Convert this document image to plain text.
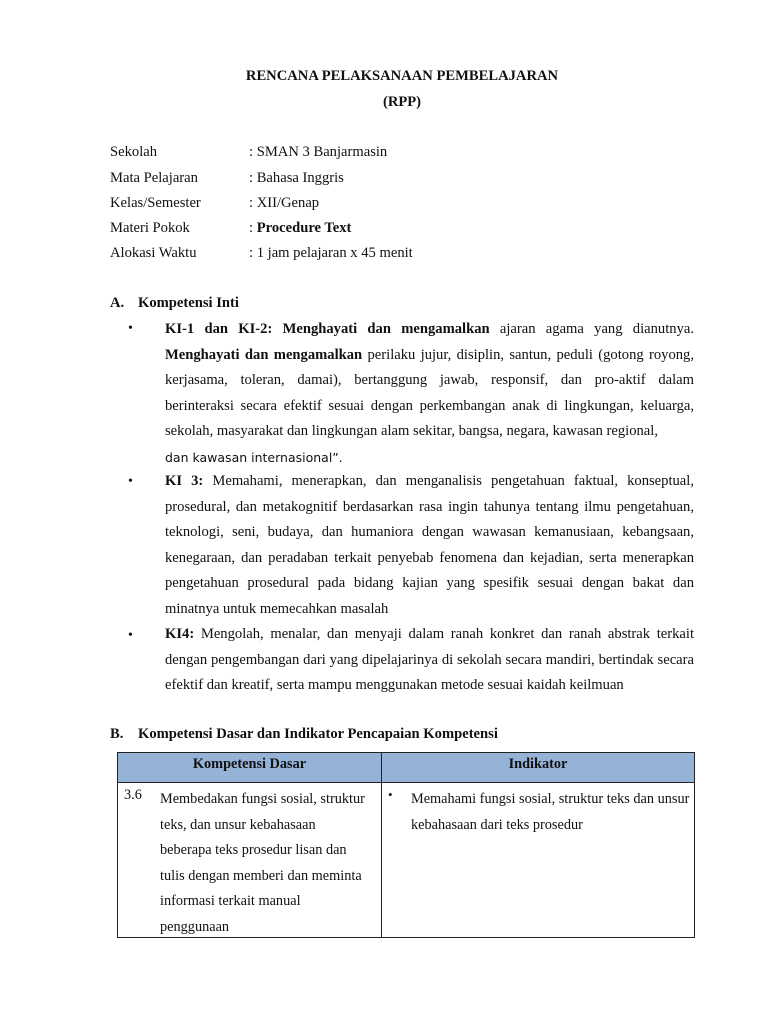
RENCANA PELAKSANAAN PEMBELAJARAN
(RPP)
Sekolah	: SMAN 3 Banjarmasin
Mata Pelajaran	: Bahasa Inggris
Kelas/Semester	: XII/Genap
Materi Pokok	: Procedure Text
Alokasi Waktu	: 1 jam pelajaran x 45 menit
A. Kompetensi Inti
• KI-1 dan KI-2: Menghayati dan mengamalkan ajaran agama yang dianutnya. Menghayati dan mengamalkan perilaku jujur, disiplin, santun, peduli (gotong royong, kerjasama, toleran, damai), bertanggung jawab, responsif, dan pro-aktif dalam berinteraksi secara efektif sesuai dengan perkembangan anak di lingkungan, keluarga, sekolah, masyarakat dan lingkungan alam sekitar, bangsa, negara, kawasan regional,
dan kawasan internasional”.
• KI 3: Memahami, menerapkan, dan menganalisis pengetahuan faktual, konseptual, prosedural, dan metakognitif berdasarkan rasa ingin tahunya tentang ilmu pengetahuan, teknologi, seni, budaya, dan humaniora dengan wawasan kemanusiaan, kebangsaan, kenegaraan, dan peradaban terkait penyebab fenomena dan kejadian, serta menerapkan pengetahuan prosedural pada bidang kajian yang spesifik sesuai dengan bakat dan minatnya untuk memecahkan masalah
• KI4: Mengolah, menalar, dan menyaji dalam ranah konkret dan ranah abstrak terkait dengan pengembangan dari yang dipelajarinya di sekolah secara mandiri, bertindak secara efektif dan kreatif, serta mampu menggunakan metode sesuai kaidah keilmuan
B. Kompetensi Dasar dan Indikator Pencapaian Kompetensi
Kompetensi Dasar	Indikator

3.6 Membedakan fungsi sosial, struktur teks, dan unsur kebahasaan beberapa teks prosedur lisan dan tulis dengan memberi dan meminta informasi terkait manual penggunaan	• Memahami fungsi sosial, struktur teks dan unsur kebahasaan dari teks prosedur
